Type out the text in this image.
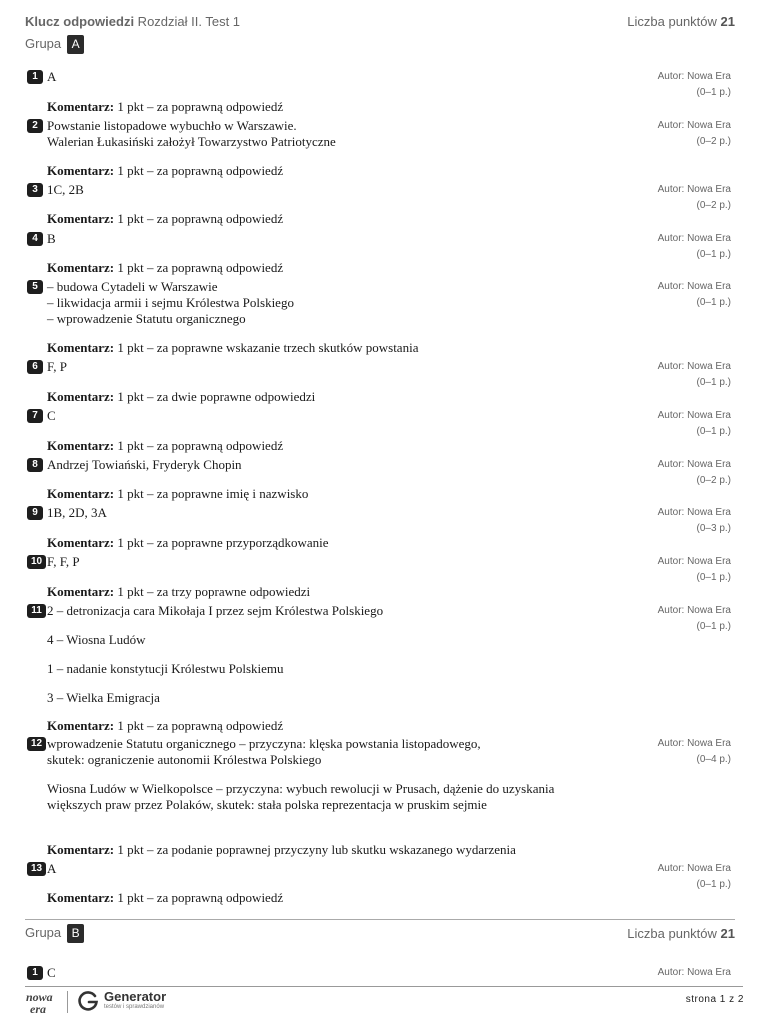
Klucz odpowiedzi Rozdział II. Test 1	Liczba punktów 21
Grupa A
1 A	Autor: Nowa Era
(0–1 p.)
Komentarz: 1 pkt – za poprawną odpowiedź
2 Powstanie listopadowe wybuchło w Warszawie.

Walerian Łukasiński założył Towarzystwo Patriotyczne

Autor: Nowa Era
(0–2 p.)
Komentarz: 1 pkt – za poprawną odpowiedź
3 1C, 2B	Autor: Nowa Era
(0–2 p.)
Komentarz: 1 pkt – za poprawną odpowiedź
4 B	Autor: Nowa Era
(0–1 p.)
Komentarz: 1 pkt – za poprawną odpowiedź
5 – budowa Cytadeli w Warszawie

– likwidacja armii i sejmu Królestwa Polskiego

– wprowadzenie Statutu organicznego

Autor: Nowa Era
(0–1 p.)
Komentarz: 1 pkt – za poprawne wskazanie trzech skutków powstania
6 F, P	Autor: Nowa Era
(0–1 p.)
Komentarz: 1 pkt – za dwie poprawne odpowiedzi
7 C	Autor: Nowa Era
(0–1 p.)
Komentarz: 1 pkt – za poprawną odpowiedź
8 Andrzej Towiański, Fryderyk Chopin	Autor: Nowa Era
(0–2 p.)
Komentarz: 1 pkt – za poprawne imię i nazwisko
9 1B, 2D, 3A	Autor: Nowa Era
(0–3 p.)
Komentarz: 1 pkt – za poprawne przyporządkowanie
10 F, F, P	Autor: Nowa Era
(0–1 p.)
Komentarz: 1 pkt – za trzy poprawne odpowiedzi
11 2 – detronizacja cara Mikołaja I przez sejm Królestwa Polskiego

4 – Wiosna Ludów

1 – nadanie konstytucji Królestwu Polskiemu

3 – Wielka Emigracja

Autor: Nowa Era
(0–1 p.)
Komentarz: 1 pkt – za poprawną odpowiedź
12 wprowadzenie Statutu organicznego – przyczyna: klęska powstania listopadowego,

skutek: ograniczenie autonomii Królestwa Polskiego

Wiosna Ludów w Wielkopolsce – przyczyna: wybuch rewolucji w Prusach, dążenie do uzyskania większych praw przez Polaków, skutek: stała polska reprezentacja w pruskim sejmie

Autor: Nowa Era
(0–4 p.)
Komentarz: 1 pkt – za podanie poprawnej przyczyny lub skutku wskazanego wydarzenia
13 A	Autor: Nowa Era
(0–1 p.)
Komentarz: 1 pkt – za poprawną odpowiedź
Grupa B	Liczba punktów 21
1 C	Autor: Nowa Era
nowa
era
Generator
testów i sprawdzianów
strona 1 z 2
